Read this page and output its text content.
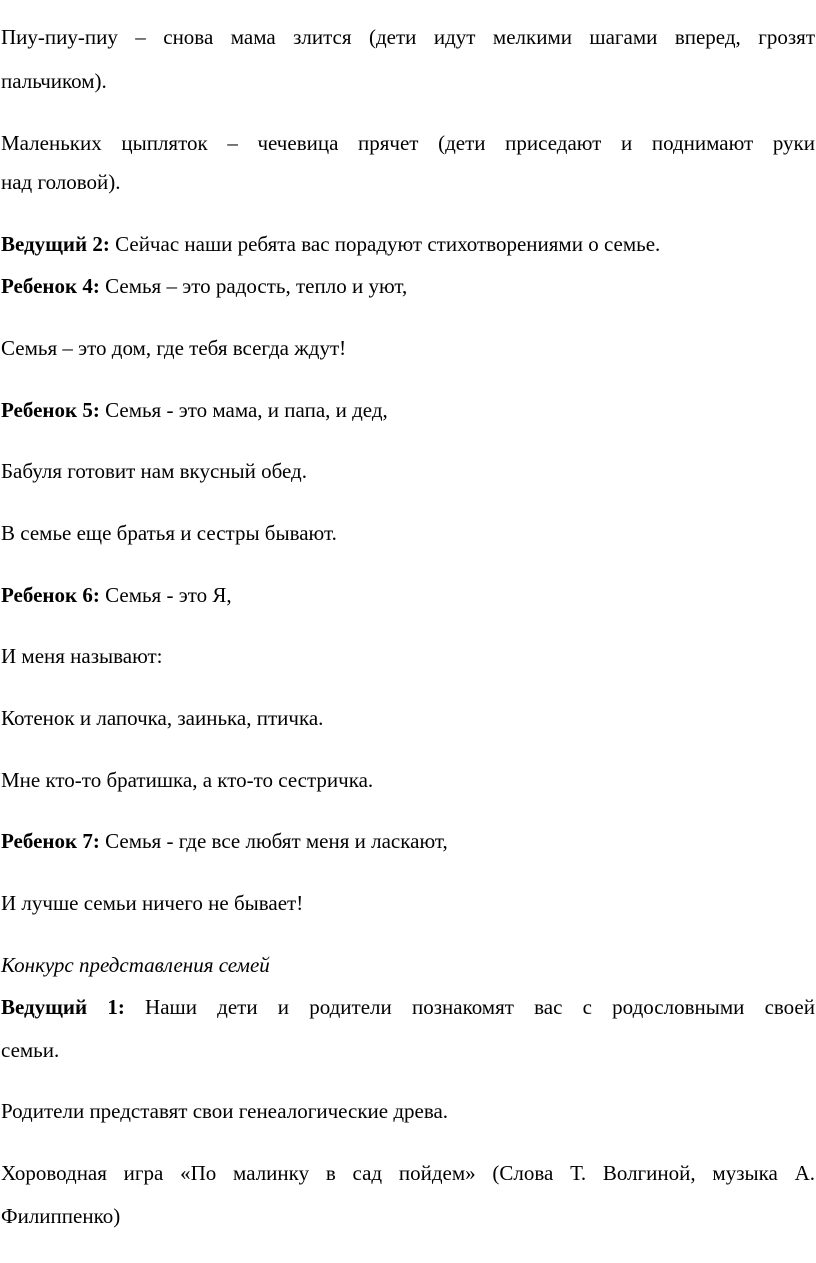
Пиу-пиу-пиу – снова мама злится (дети идут мелкими шагами вперед, грозят
пальчиком).
Маленьких цыпляток – чечевица прячет (дети приседают и поднимают руки
над головой).
Ведущий 2: Сейчас наши ребята вас порадуют стихотворениями о семье.
Ребенок 4: Семья – это радость, тепло и уют,
Семья – это дом, где тебя всегда ждут!
Ребенок 5: Семья - это мама, и папа, и дед,
Бабуля готовит нам вкусный обед.
В семье еще братья и сестры бывают.
Ребенок 6: Семья - это Я,
И меня называют:
Котенок и лапочка, заинька, птичка.
Мне кто-то братишка, а кто-то сестричка.
Ребенок 7: Семья - где все любят меня и ласкают,
И лучше семьи ничего не бывает!
Конкурс представления семей
Ведущий 1: Наши дети и родители познакомят вас с родословными своей
семьи.
Родители представят свои генеалогические древа.
Хороводная игра «По малинку в сад пойдем» (Слова Т. Волгиной, музыка А.
Филиппенко)
